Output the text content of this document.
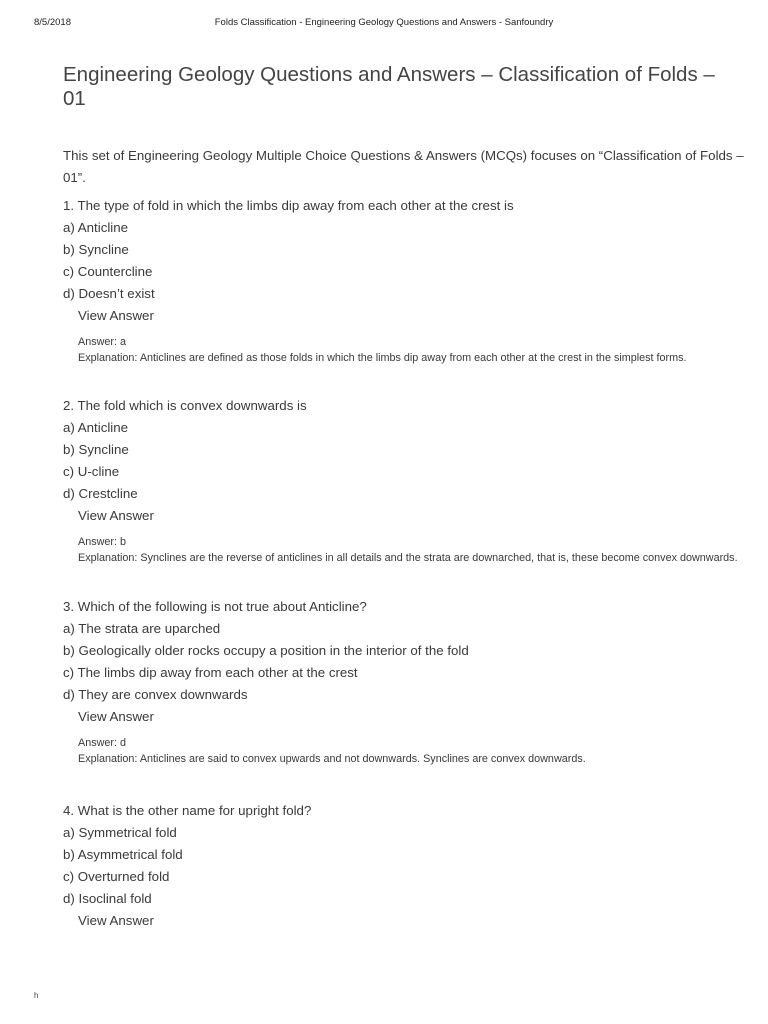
8/5/2018	Folds Classification - Engineering Geology Questions and Answers - Sanfoundry
Engineering Geology Questions and Answers – Classification of Folds – 01

This set of Engineering Geology Multiple Choice Questions & Answers (MCQs) focuses on “Classification of Folds – 01”.

1. The type of fold in which the limbs dip away from each other at the crest is

a) Anticline

b) Syncline

c) Countercline

d) Doesn’t exist

View Answer

Answer: a

Explanation: Anticlines are defined as those folds in which the limbs dip away from each other at the crest in the simplest forms.

2. The fold which is convex downwards is

a) Anticline

b) Syncline

c) U-cline

d) Crestcline

View Answer

Answer: b

Explanation: Synclines are the reverse of anticlines in all details and the strata are downarched, that is, these become convex downwards.

3. Which of the following is not true about Anticline?

a) The strata are uparched

b) Geologically older rocks occupy a position in the interior of the fold

c) The limbs dip away from each other at the crest

d) They are convex downwards

View Answer

Answer: d

Explanation: Anticlines are said to convex upwards and not downwards. Synclines are convex downwards.

4. What is the other name for upright fold?

a) Symmetrical fold

b) Asymmetrical fold

c) Overturned fold

d) Isoclinal fold

View Answer
h
